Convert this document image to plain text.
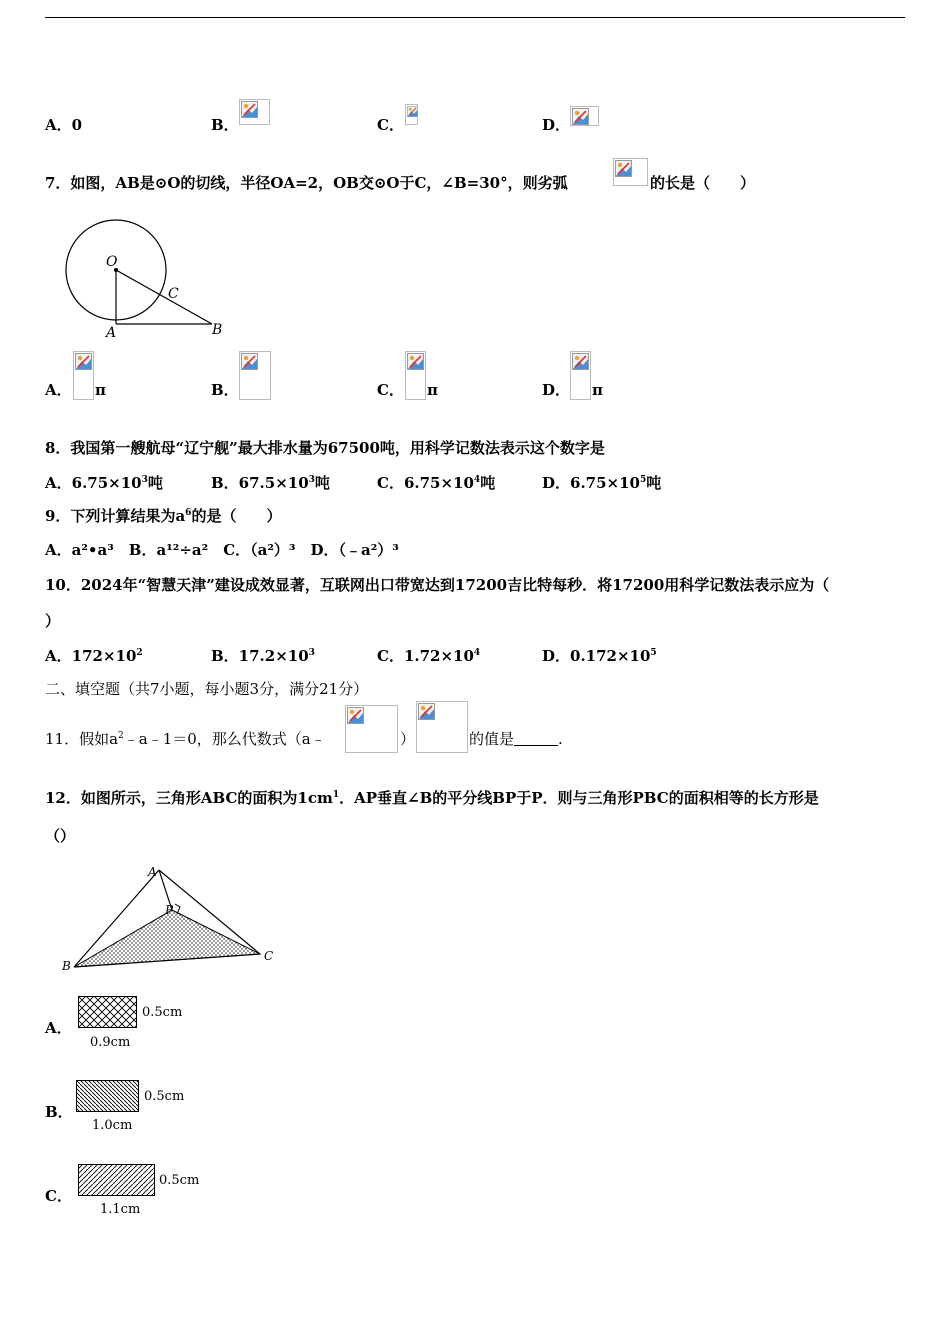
A．0	B．	C．	D．
7．如图，AB是⊙O的切线，半径OA=2，OB交⊙O于C，∠B=30°，则劣弧	的长是（　　）
O
C
A	B
A． π	B．	C． π	D． π
8．我国第一艘航母“辽宁舰”最大排水量为67500吨，用科学记数法表示这个数字是
A．$6.75\times 10^3$吨	B．$67.5\times 10^3$吨	C．$6.75\times 10^4$吨	D．$6.75\times 10^5$吨
9．下列计算结果为$a^6$的是（　　）
A．a²•a³　B．a¹²÷a²　C．（a²）³　D．（﹣a²）³
10．2024年“智慧天津”建设成效显著，互联网出口带宽达到17200吉比特每秒．将17200用科学记数法表示应为（
）
A．$172\times 10^2$	B．$17.2\times 10^3$	C．$1.72\times 10^4$	D．$0.172\times 10^5$
二、填空题（共7小题，每小题3分，满分21分）
11．假如$a^2﹣a﹣1=0$，那么代数式（a﹣	）	的值是	.
12．如图所示，三角形ABC的面积为$1cm^1$．AP垂直∠B的平分线BP于P．则与三角形PBC的面积相等的长方形是
（）
A
B
C
P
A．
0.5cm
0.9cm
B．
0.5cm
1.0cm
C．
0.5cm
1.1cm
